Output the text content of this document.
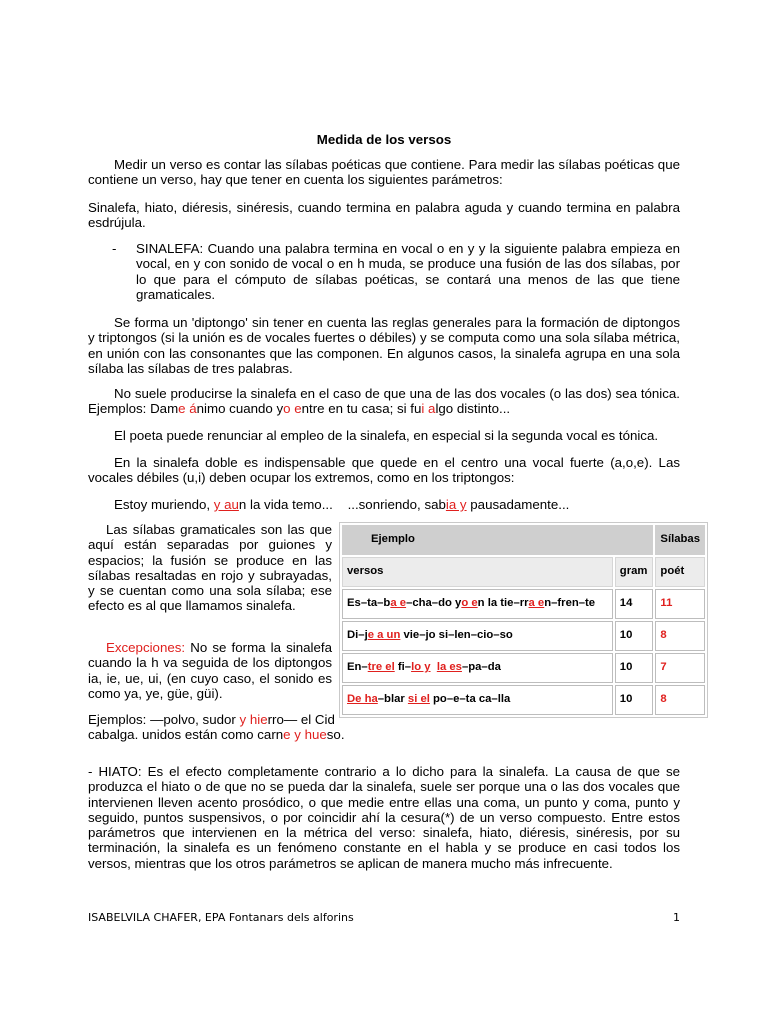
Medida de los versos

Medir un verso es contar las sílabas poéticas que contiene. Para medir las sílabas poéticas que contiene un verso, hay que tener en cuenta los siguientes parámetros:

Sinalefa, hiato, diéresis, sinéresis, cuando termina en palabra aguda y cuando termina en palabra esdrújula.

- SINALEFA: Cuando una palabra termina en vocal o en y y la siguiente palabra empieza en vocal, en y con sonido de vocal o en h muda, se produce una fusión de las dos sílabas, por lo que para el cómputo de sílabas poéticas, se contará una menos de las que tiene gramaticales.

Se forma un 'diptongo' sin tener en cuenta las reglas generales para la formación de diptongos y triptongos (si la unión es de vocales fuertes o débiles) y se computa como una sola sílaba métrica, en unión con las consonantes que las componen. En algunos casos, la sinalefa agrupa en una sola sílaba las sílabas de tres palabras.

No suele producirse la sinalefa en el caso de que una de las dos vocales (o las dos) sea tónica. Ejemplos: Dame ánimo cuando yo entre en tu casa; si fui algo distinto...

El poeta puede renunciar al empleo de la sinalefa, en especial si la segunda vocal es tónica.

En la sinalefa doble es indispensable que quede en el centro una vocal fuerte (a,o,e). Las vocales débiles (u,i) deben ocupar los extremos, como en los triptongos:

Estoy muriendo, y aun la vida temo... ...sonriendo, sabia y pausadamente...

Las sílabas gramaticales son las que aquí están separadas por guiones y espacios; la fusión se produce en las sílabas resaltadas en rojo y subrayadas, y se cuentan como una sola sílaba; ese efecto es al que llamamos sinalefa.

Excepciones: No se forma la sinalefa cuando la h va seguida de los diptongos ia, ie, ue, ui, (en cuyo caso, el sonido es como ya, ye, güe, güi).

Ejemplos: —polvo, sudor y hierro— el Cid cabalga. unidos están como carne y hueso.

Ejemplo		Sílabas
versos	gram	poét
Es–ta–ba e–cha–do yo en la tie–rra en–fren–te	14	11
Di–je a un vie–jo si–len–cio–so	10	8
En–tre el fi–lo y la es–pa–da	10	7
De ha–blar si el po–e–ta ca–lla	10	8

- HIATO: Es el efecto completamente contrario a lo dicho para la sinalefa. La causa de que se produzca el hiato o de que no se pueda dar la sinalefa, suele ser porque una o las dos vocales que intervienen lleven acento prosódico, o que medie entre ellas una coma, un punto y coma, punto y seguido, puntos suspensivos, o por coincidir ahí la cesura(*) de un verso compuesto. Entre estos parámetros que intervienen en la métrica del verso: sinalefa, hiato, diéresis, sinéresis, por su terminación, la sinalefa es un fenómeno constante en el habla y se produce en casi todos los versos, mientras que los otros parámetros se aplican de manera mucho más infrecuente.

ISABELVILA CHAFER, EPA Fontanars dels alforins	1
